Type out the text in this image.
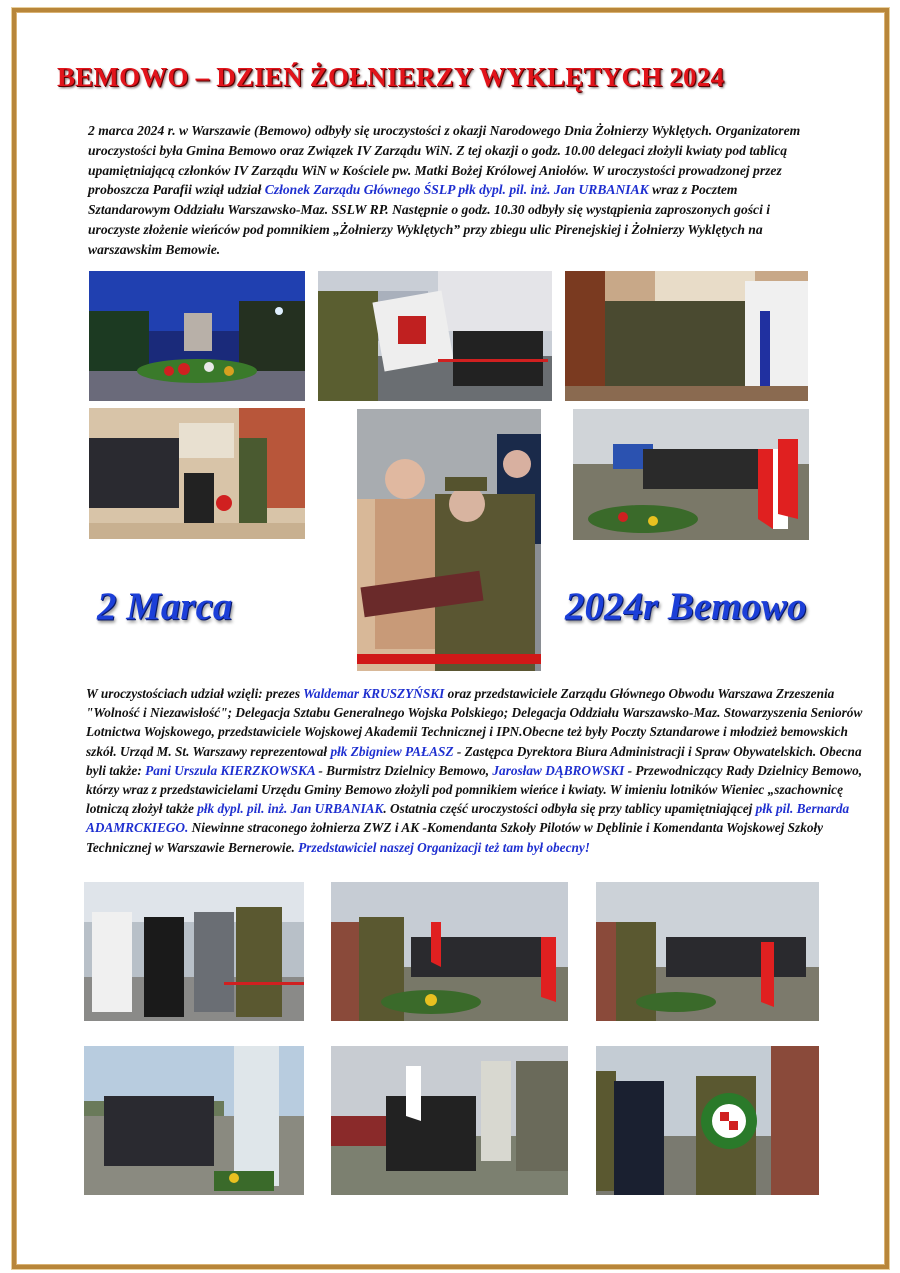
BEMOWO – DZIEŃ ŻOŁNIERZY WYKLĘTYCH 2024
2 marca 2024 r. w Warszawie (Bemowo) odbyły się uroczystości z okazji Narodowego Dnia Żołnierzy Wyklętych. Organizatorem uroczystości była Gmina Bemowo oraz Związek IV Zarządu WiN. Z tej okazji o godz. 10.00 delegaci złożyli kwiaty pod tablicą upamiętniającą członków IV Zarządu WiN w Kościele pw. Matki Bożej Królowej Aniołów. W uroczystości prowadzonej przez proboszcza Parafii wziął udział Członek Zarządu Głównego ŚSLP płk dypl. pil. inż. Jan URBANIAK wraz z Pocztem Sztandarowym Oddziału Warszawsko-Maz. SSLW RP. Następnie o godz. 10.30 odbyły się wystąpienia zaproszonych gości i uroczyste złożenie wieńców pod pomnikiem „Żołnierzy Wyklętych” przy zbiegu ulic Pirenejskiej i Żołnierzy Wyklętych na warszawskim Bemowie.
2 Marca	2024r Bemowo
W uroczystościach udział wzięli: prezes Waldemar KRUSZYŃSKI oraz przedstawiciele Zarządu Głównego Obwodu Warszawa Zrzeszenia "Wolność i Niezawisłość"; Delegacja Sztabu Generalnego Wojska Polskiego; Delegacja Oddziału Warszawsko-Maz. Stowarzyszenia Seniorów Lotnictwa Wojskowego, przedstawiciele Wojskowej Akademii Technicznej i IPN.Obecne też były Poczty Sztandarowe i młodzież bemowskich szkół. Urząd M. St. Warszawy reprezentował płk Zbigniew PAŁASZ - Zastępca Dyrektora Biura Administracji i Spraw Obywatelskich. Obecna byli także: Pani Urszula KIERZKOWSKA - Burmistrz Dzielnicy Bemowo, Jarosław DĄBROWSKI - Przewodniczący Rady Dzielnicy Bemowo, którzy wraz z przedstawicielami Urzędu Gminy Bemowo złożyli pod pomnikiem wieńce i kwiaty. W imieniu lotników Wieniec „szachownicę lotniczą złożył także płk dypl. pil. inż. Jan URBANIAK. Ostatnia część uroczystości odbyła się przy tablicy upamiętniającej płk pil. Bernarda ADAMRCKIEGO. Niewinne straconego żołnierza ZWZ i AK -Komendanta Szkoły Pilotów w Dęblinie i Komendanta Wojskowej Szkoły Technicznej w Warszawie Bernerowie. Przedstawiciel naszej Organizacji też tam był obecny!
